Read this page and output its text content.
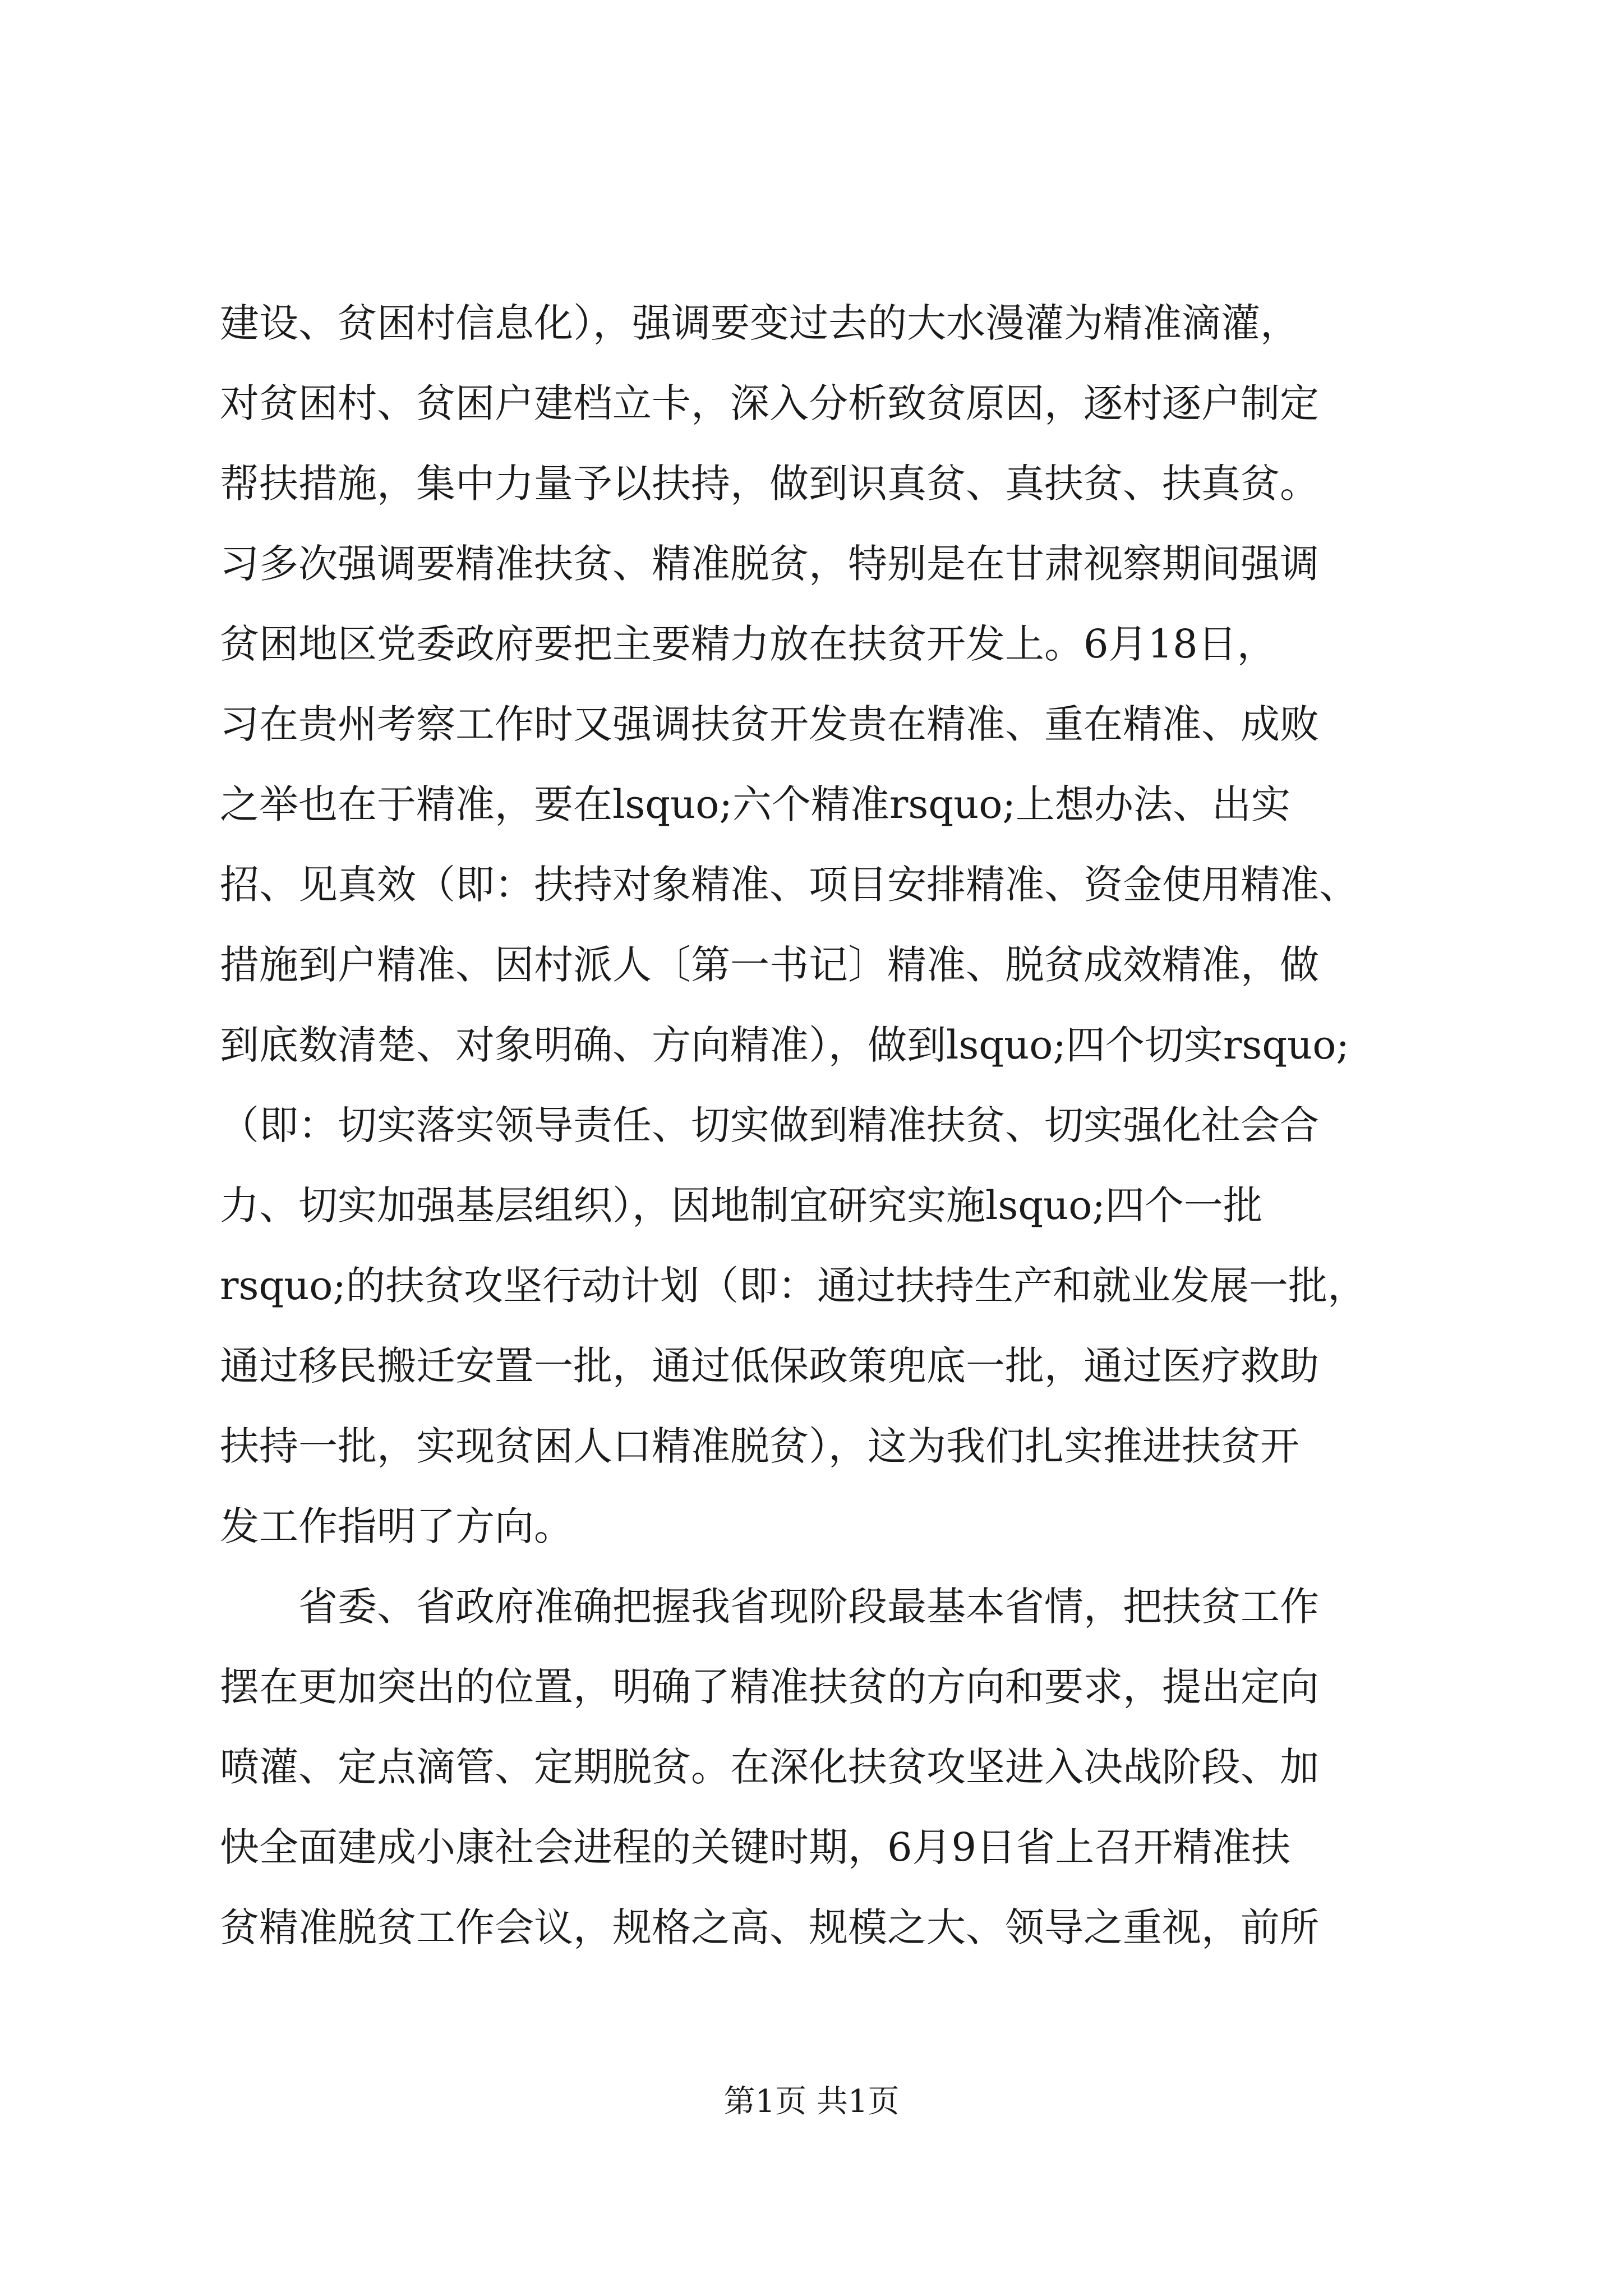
建设、贫困村信息化），强调要变过去的大水漫灌为精准滴灌，
对贫困村、贫困户建档立卡，深入分析致贫原因，逐村逐户制定
帮扶措施，集中力量予以扶持，做到识真贫、真扶贫、扶真贫。
习多次强调要精准扶贫、精准脱贫，特别是在甘肃视察期间强调
贫困地区党委政府要把主要精力放在扶贫开发上。6月18日，
习在贵州考察工作时又强调扶贫开发贵在精准、重在精准、成败
之举也在于精准，要在lsquo;六个精准rsquo;上想办法、出实
招、见真效（即：扶持对象精准、项目安排精准、资金使用精准、
措施到户精准、因村派人〔第一书记〕精准、脱贫成效精准，做
到底数清楚、对象明确、方向精准），做到lsquo;四个切实rsquo;
（即：切实落实领导责任、切实做到精准扶贫、切实强化社会合
力、切实加强基层组织），因地制宜研究实施lsquo;四个一批
rsquo;的扶贫攻坚行动计划（即：通过扶持生产和就业发展一批，
通过移民搬迁安置一批，通过低保政策兜底一批，通过医疗救助
扶持一批，实现贫困人口精准脱贫），这为我们扎实推进扶贫开
发工作指明了方向。
省委、省政府准确把握我省现阶段最基本省情，把扶贫工作
摆在更加突出的位置，明确了精准扶贫的方向和要求，提出定向
喷灌、定点滴管、定期脱贫。在深化扶贫攻坚进入决战阶段、加
快全面建成小康社会进程的关键时期，6月9日省上召开精准扶
贫精准脱贫工作会议，规格之高、规模之大、领导之重视，前所
第1页 共1页
